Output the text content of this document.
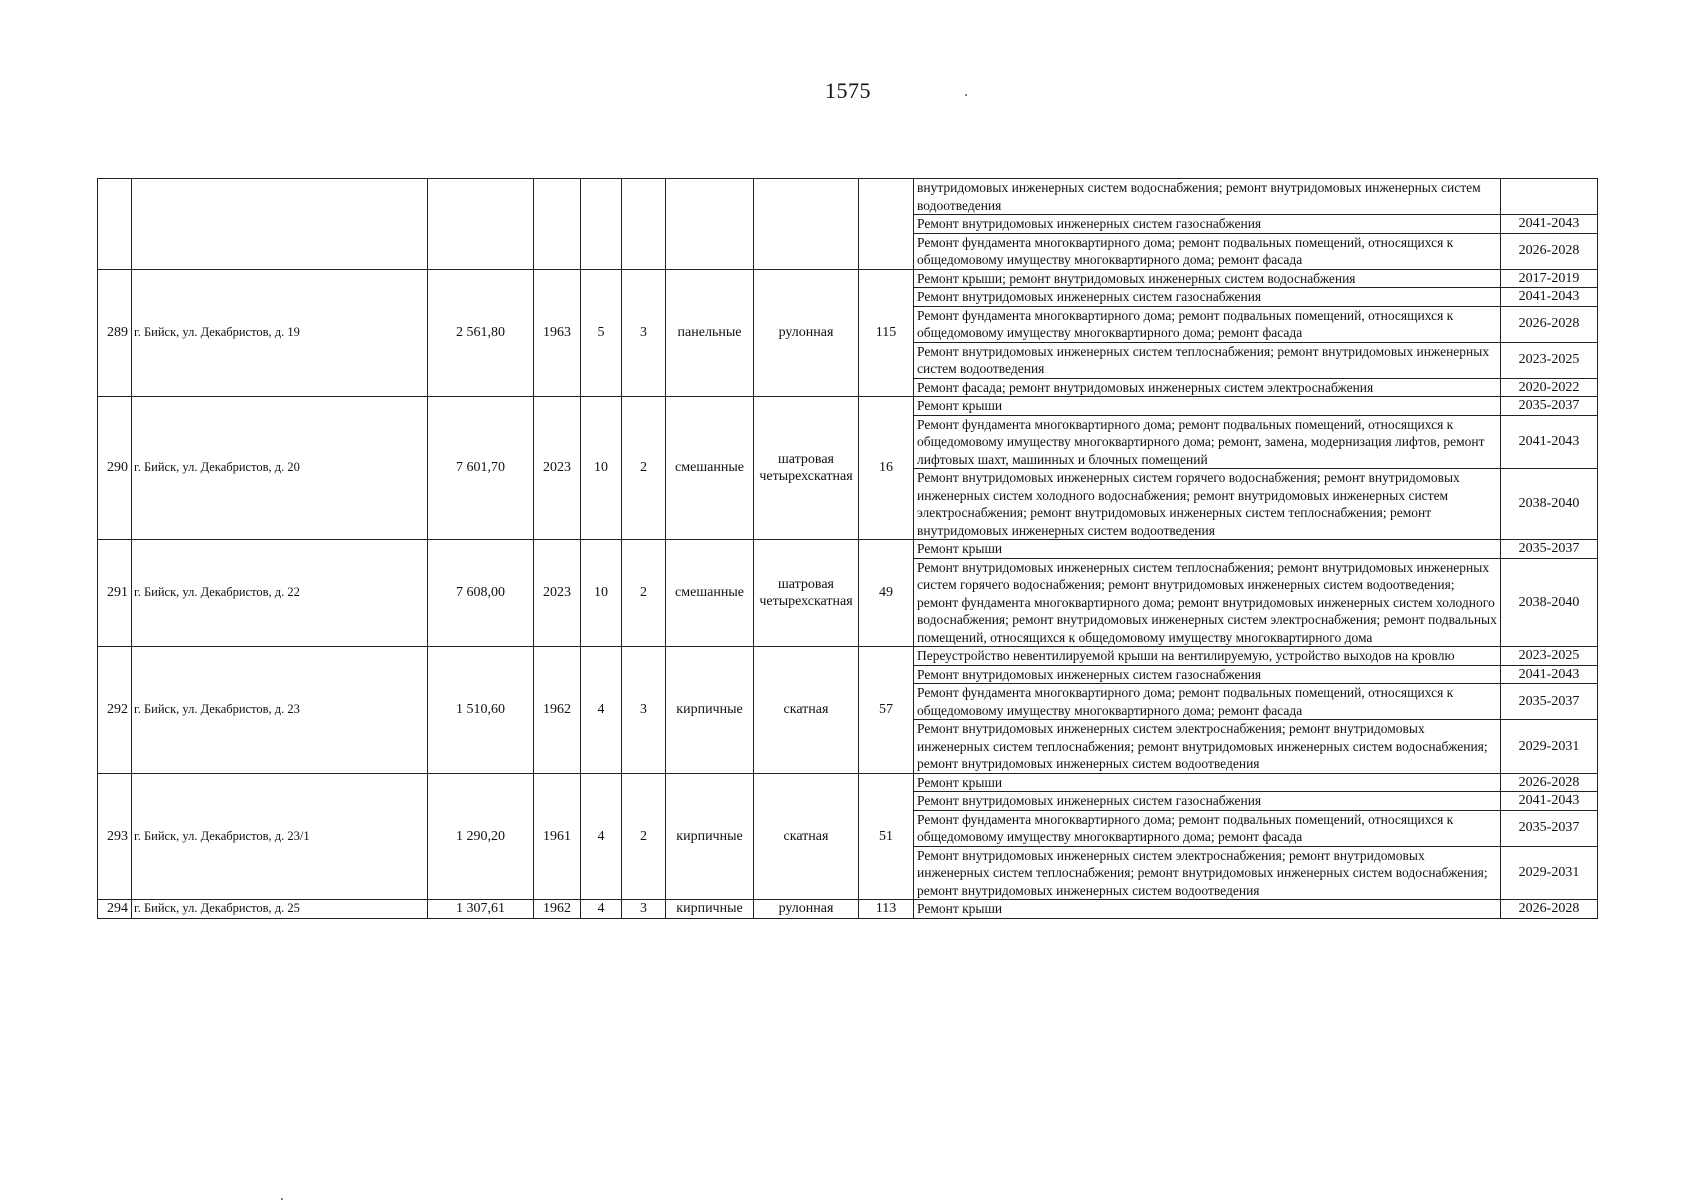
1575
									внутридомовых инженерных систем водоснабжения; ремонт внутридомовых инженерных систем водоотведения	
									Ремонт внутридомовых инженерных систем газоснабжения	2041-2043
									Ремонт фундамента многоквартирного дома; ремонт подвальных помещений, относящихся к общедомовому имуществу многоквартирного дома; ремонт фасада	2026-2028
289	г. Бийск, ул. Декабристов, д. 19	2 561,80	1963	5	3	панельные	рулонная	115	Ремонт крыши; ремонт внутридомовых инженерных систем водоснабжения	2017-2019
									Ремонт внутридомовых инженерных систем газоснабжения	2041-2043
									Ремонт фундамента многоквартирного дома; ремонт подвальных помещений, относящихся к общедомовому имуществу многоквартирного дома; ремонт фасада	2026-2028
									Ремонт внутридомовых инженерных систем теплоснабжения; ремонт внутридомовых инженерных систем водоотведения	2023-2025
									Ремонт фасада; ремонт внутридомовых инженерных систем электроснабжения	2020-2022
290	г. Бийск, ул. Декабристов, д. 20	7 601,70	2023	10	2	смешанные	шатровая четырехскатная	16	Ремонт крыши	2035-2037
									Ремонт фундамента многоквартирного дома; ремонт подвальных помещений, относящихся к общедомовому имуществу многоквартирного дома; ремонт, замена, модернизация лифтов, ремонт лифтовых шахт, машинных и блочных помещений	2041-2043
									Ремонт внутридомовых инженерных систем горячего водоснабжения; ремонт внутридомовых инженерных систем холодного водоснабжения; ремонт внутридомовых инженерных систем электроснабжения; ремонт внутридомовых инженерных систем теплоснабжения; ремонт внутридомовых инженерных систем водоотведения	2038-2040
291	г. Бийск, ул. Декабристов, д. 22	7 608,00	2023	10	2	смешанные	шатровая четырехскатная	49	Ремонт крыши	2035-2037
									Ремонт внутридомовых инженерных систем теплоснабжения; ремонт внутридомовых инженерных систем горячего водоснабжения; ремонт внутридомовых инженерных систем водоотведения; ремонт фундамента многоквартирного дома; ремонт внутридомовых инженерных систем холодного водоснабжения; ремонт внутридомовых инженерных систем электроснабжения; ремонт подвальных помещений, относящихся к общедомовому имуществу многоквартирного дома	2038-2040
292	г. Бийск, ул. Декабристов, д. 23	1 510,60	1962	4	3	кирпичные	скатная	57	Переустройство невентилируемой крыши на вентилируемую, устройство выходов на кровлю	2023-2025
									Ремонт внутридомовых инженерных систем газоснабжения	2041-2043
									Ремонт фундамента многоквартирного дома; ремонт подвальных помещений, относящихся к общедомовому имуществу многоквартирного дома; ремонт фасада	2035-2037
									Ремонт внутридомовых инженерных систем электроснабжения; ремонт внутридомовых инженерных систем теплоснабжения; ремонт внутридомовых инженерных систем водоснабжения; ремонт внутридомовых инженерных систем водоотведения	2029-2031
293	г. Бийск, ул. Декабристов, д. 23/1	1 290,20	1961	4	2	кирпичные	скатная	51	Ремонт крыши	2026-2028
									Ремонт внутридомовых инженерных систем газоснабжения	2041-2043
									Ремонт фундамента многоквартирного дома; ремонт подвальных помещений, относящихся к общедомовому имуществу многоквартирного дома; ремонт фасада	2035-2037
									Ремонт внутридомовых инженерных систем электроснабжения; ремонт внутридомовых инженерных систем теплоснабжения; ремонт внутридомовых инженерных систем водоснабжения; ремонт внутридомовых инженерных систем водоотведения	2029-2031
294	г. Бийск, ул. Декабристов, д. 25	1 307,61	1962	4	3	кирпичные	рулонная	113	Ремонт крыши	2026-2028
